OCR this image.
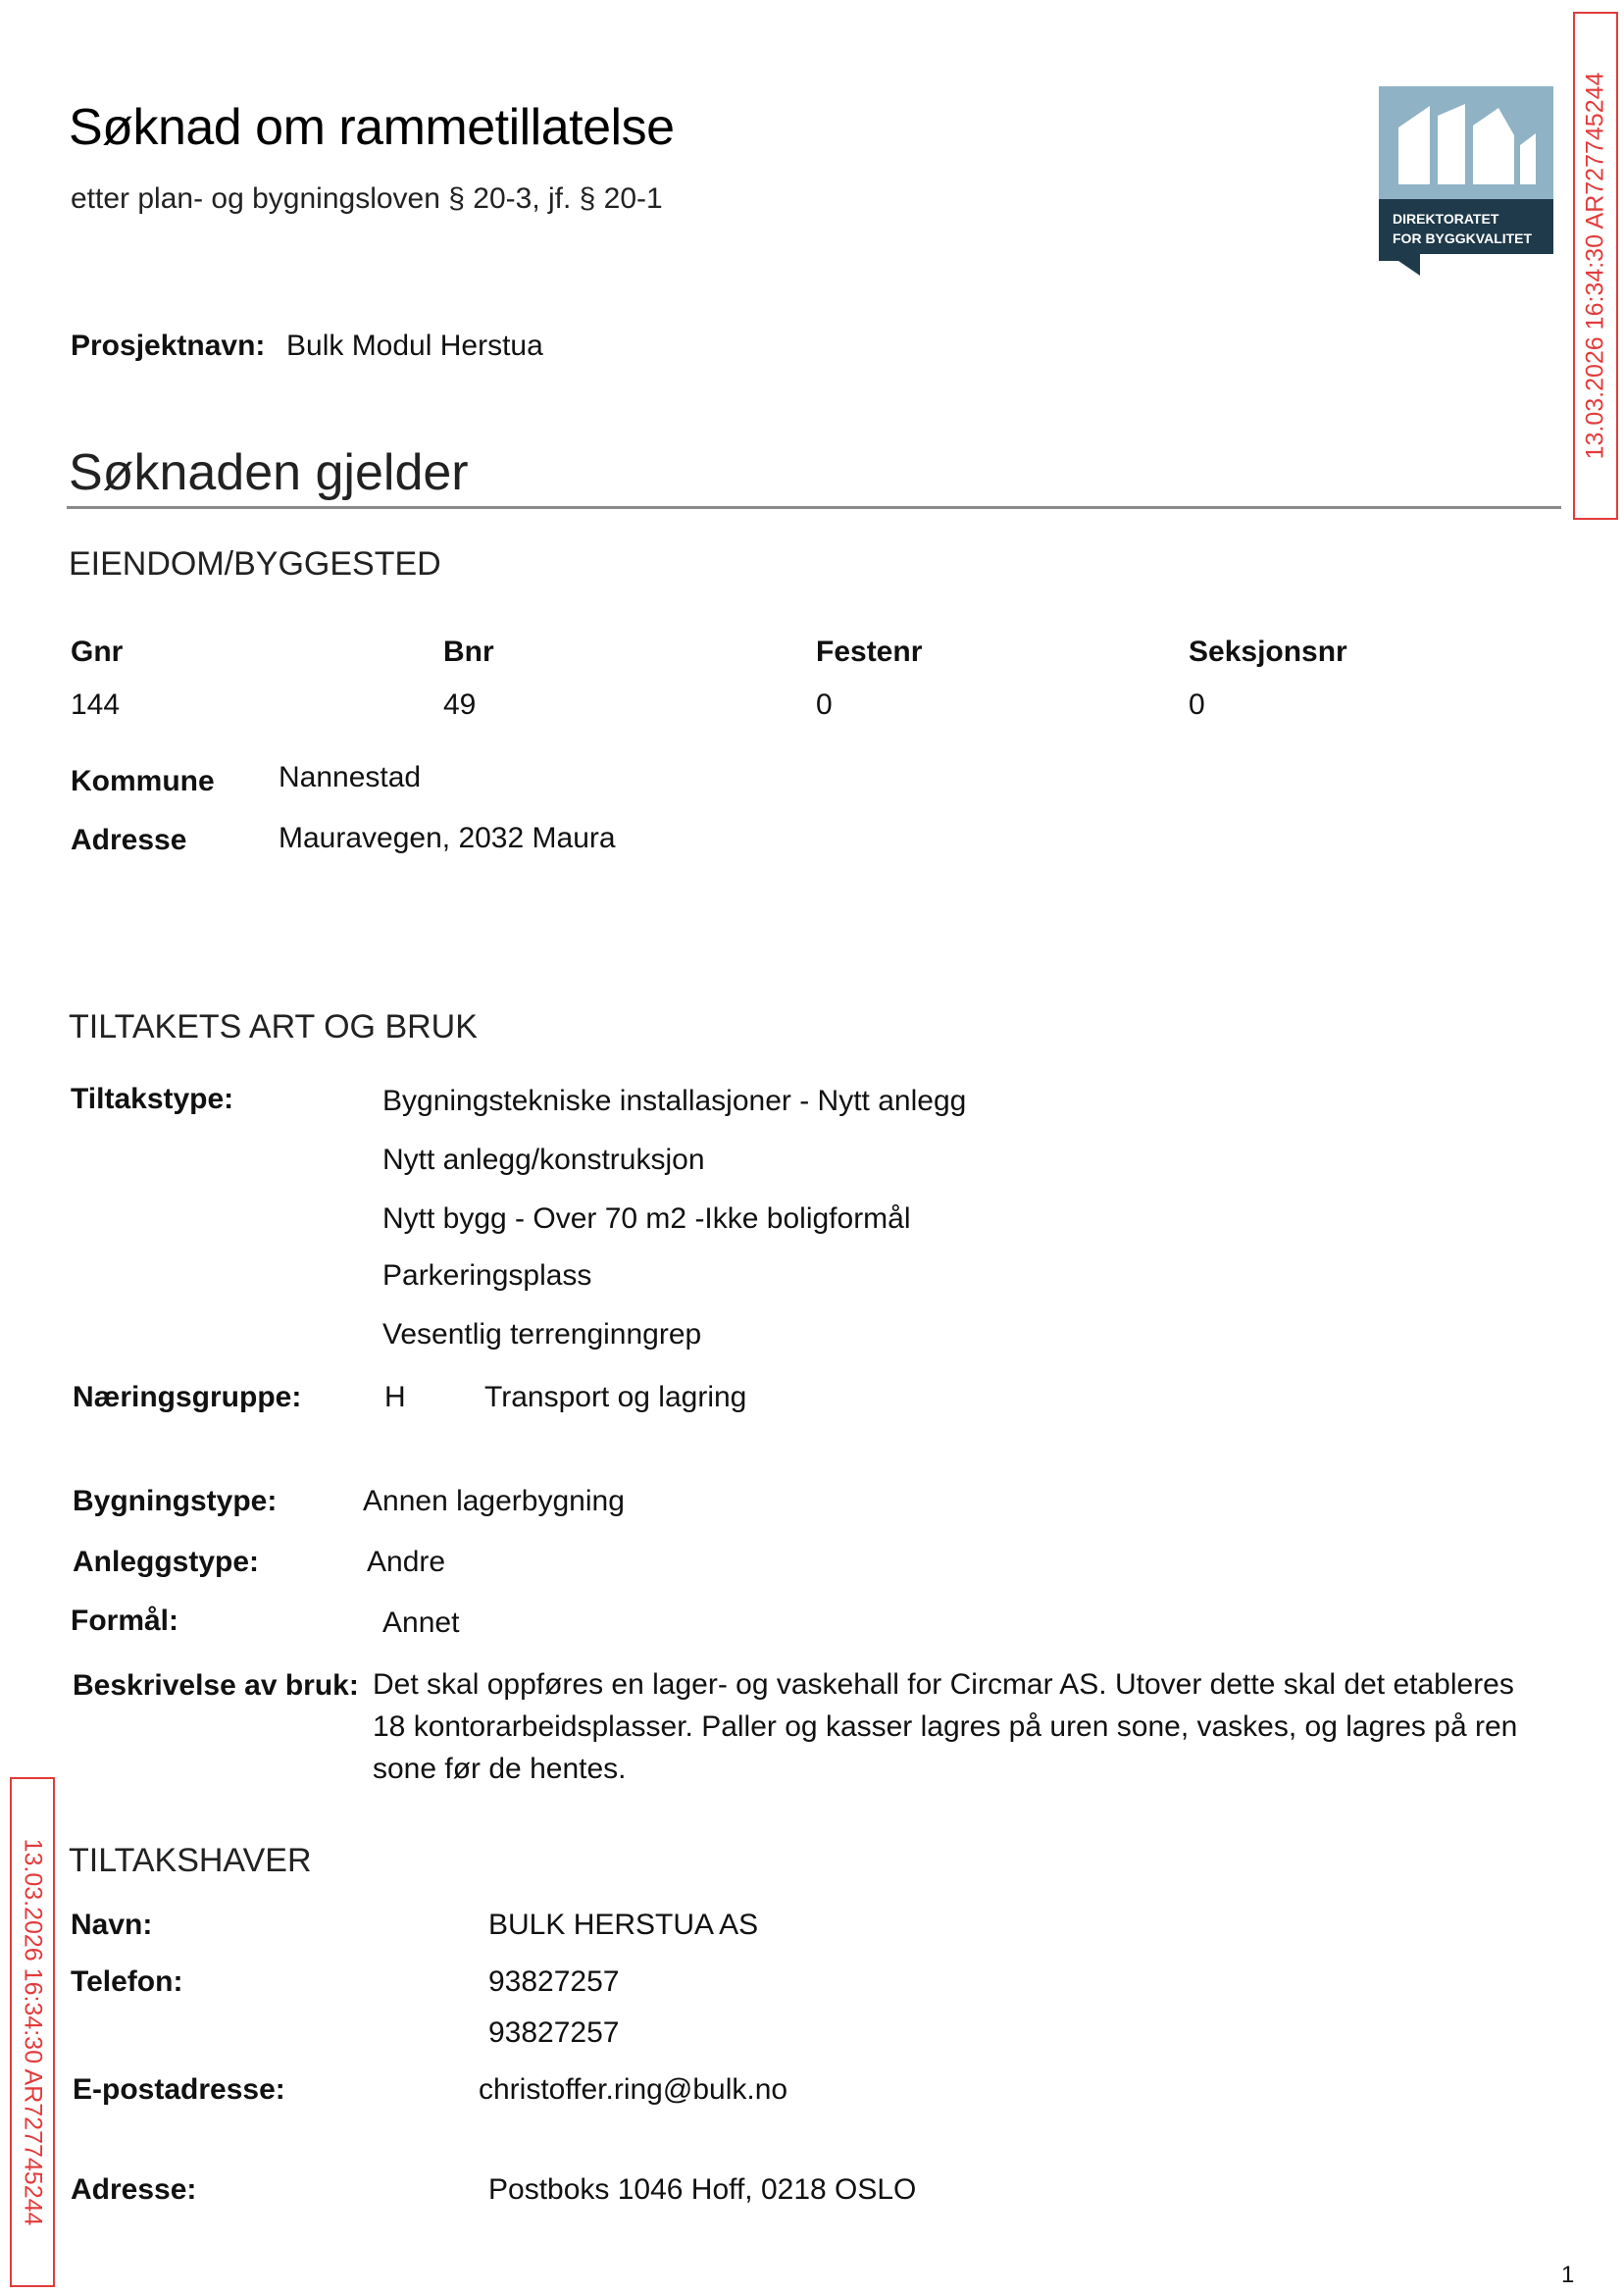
Søknad om rammetillatelse
etter plan- og bygningsloven § 20-3, jf. § 20-1
DIREKTORATET
FOR BYGGKVALITET
Prosjektnavn: Bulk Modul Herstua
Søknaden gjelder
EIENDOM/BYGGESTED
Gnr	Bnr	Festenr	Seksjonsnr
144	49	0	0
Kommune Nannestad
Adresse	Mauravegen, 2032 Maura
TILTAKETS ART OG BRUK
Tiltakstype:	Bygningstekniske installasjoner - Nytt anlegg
Nytt anlegg/konstruksjon
Nytt bygg - Over 70 m2 -Ikke boligformål
Parkeringsplass
Vesentlig terrenginngrep
Næringsgruppe:	H	Transport og lagring
Bygningstype:	Annen lagerbygning
Anleggstype:	Andre
Formål:	Annet
Beskrivelse av bruk: Det skal oppføres en lager- og vaskehall for Circmar AS. Utover dette skal det etableres 18 kontorarbeidsplasser. Paller og kasser lagres på uren sone, vaskes, og lagres på ren sone før de hentes.
TILTAKSHAVER
Navn:	BULK HERSTUA AS
Telefon:	93827257
93827257
E-postadresse:	christoffer.ring@bulk.no
Adresse:	Postboks 1046 Hoff, 0218 OSLO
13.03.2026 16:34:30 AR727745244
13.03.2026 16:34:30 AR727745244
1
